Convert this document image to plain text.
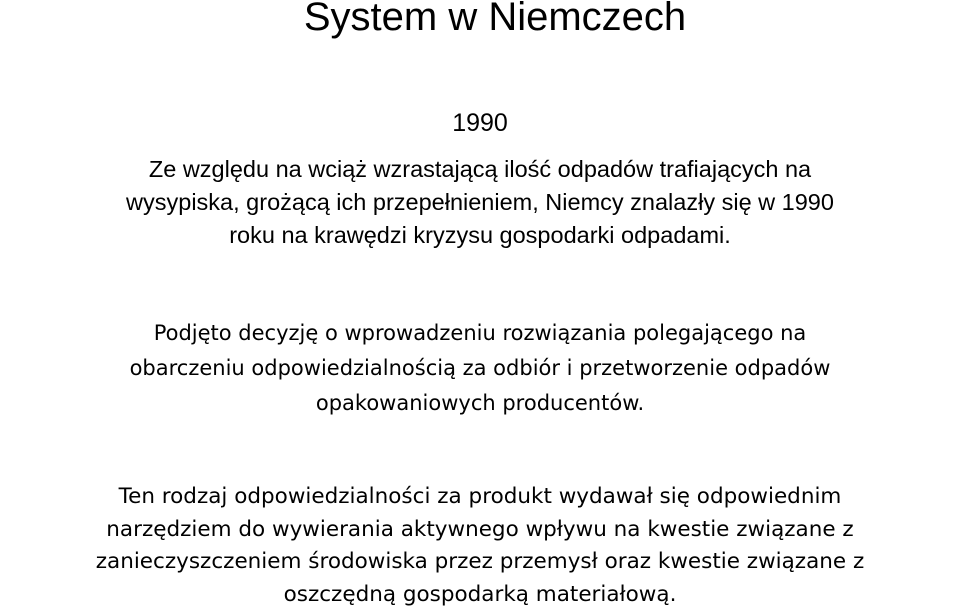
System w Niemczech
1990

Ze względu na wciąż wzrastającą ilość odpadów trafiających na
wysypiska, grożącą ich przepełnieniem, Niemcy znalazły się w 1990
roku na krawędzi kryzysu gospodarki odpadami.

Podjęto decyzję o wprowadzeniu rozwiązania polegającego na
obarczeniu odpowiedzialnością za odbiór i przetworzenie odpadów
opakowaniowych producentów.

Ten rodzaj odpowiedzialności za produkt wydawał się odpowiednim
narzędziem do wywierania aktywnego wpływu na kwestie związane z
zanieczyszczeniem środowiska przez przemysł oraz kwestie związane z
oszczędną gospodarką materiałową.
